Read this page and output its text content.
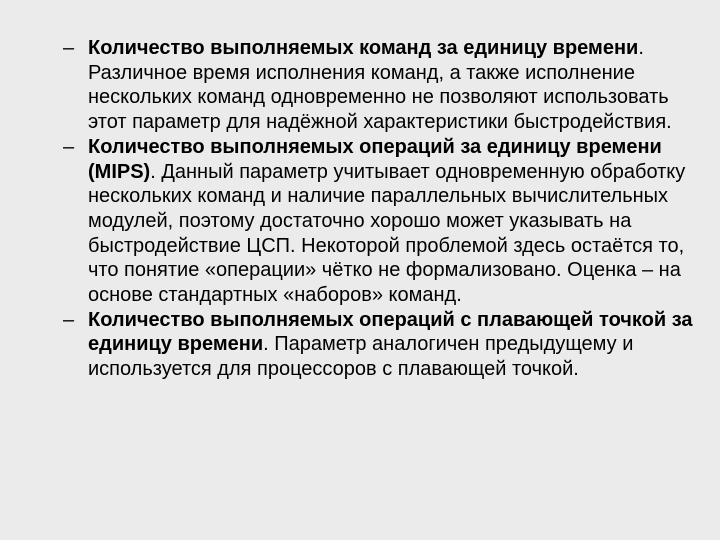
– Количество выполняемых команд за единицу времени. Различное время исполнения команд, а также исполнение нескольких команд одновременно не позволяют использовать этот параметр для надёжной характеристики быстродействия.
– Количество выполняемых операций за единицу времени (MIPS). Данный параметр учитывает одновременную обработку нескольких команд и наличие параллельных вычислительных модулей, поэтому достаточно хорошо может указывать на быстродействие ЦСП. Некоторой проблемой здесь остаётся то, что понятие «операции» чётко не формализовано. Оценка – на основе стандартных «наборов» команд.
– Количество выполняемых операций с плавающей точкой за единицу времени. Параметр аналогичен предыдущему и используется для процессоров с плавающей точкой.
